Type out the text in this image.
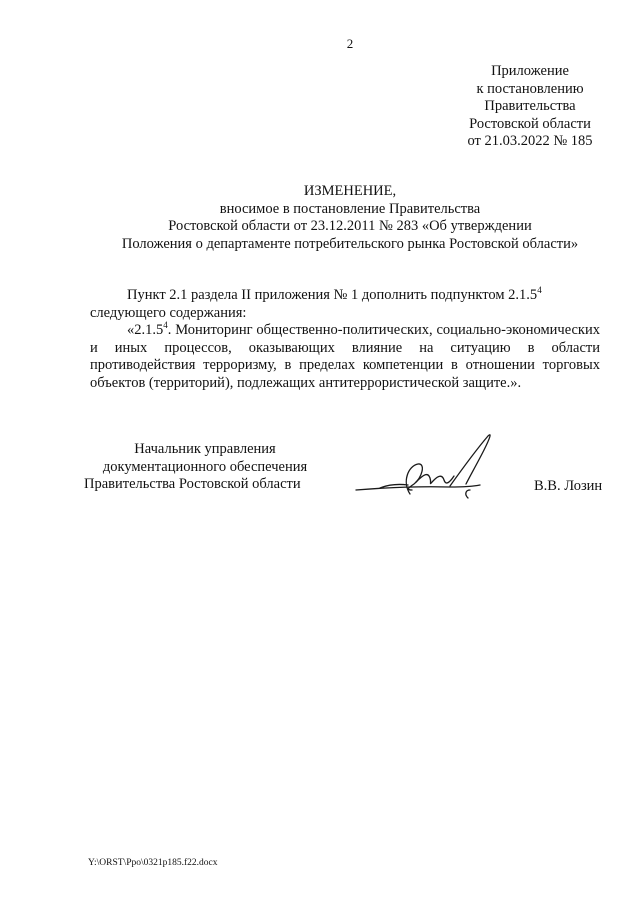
2
Приложение
к постановлению
Правительства
Ростовской области
от 21.03.2022 № 185
ИЗМЕНЕНИЕ,
вносимое в постановление Правительства
Ростовской области от 23.12.2011 № 283 «Об утверждении
Положения о департаменте потребительского рынка Ростовской области»

Пункт 2.1 раздела II приложения № 1 дополнить подпунктом 2.1.5$^4$

следующего содержания:

«2.1.5$^4$. Мониторинг общественно-политических, социально-экономических и иных процессов, оказывающих влияние на ситуацию в области противодействия терроризму, в пределах компетенции в отношении торговых объектов (территорий), подлежащих антитеррористической защите.».

Начальник управления
документационного обеспечения
Правительства Ростовской области	В.В. Лозин
Y:\ORST\Ppo\0321p185.f22.docx
